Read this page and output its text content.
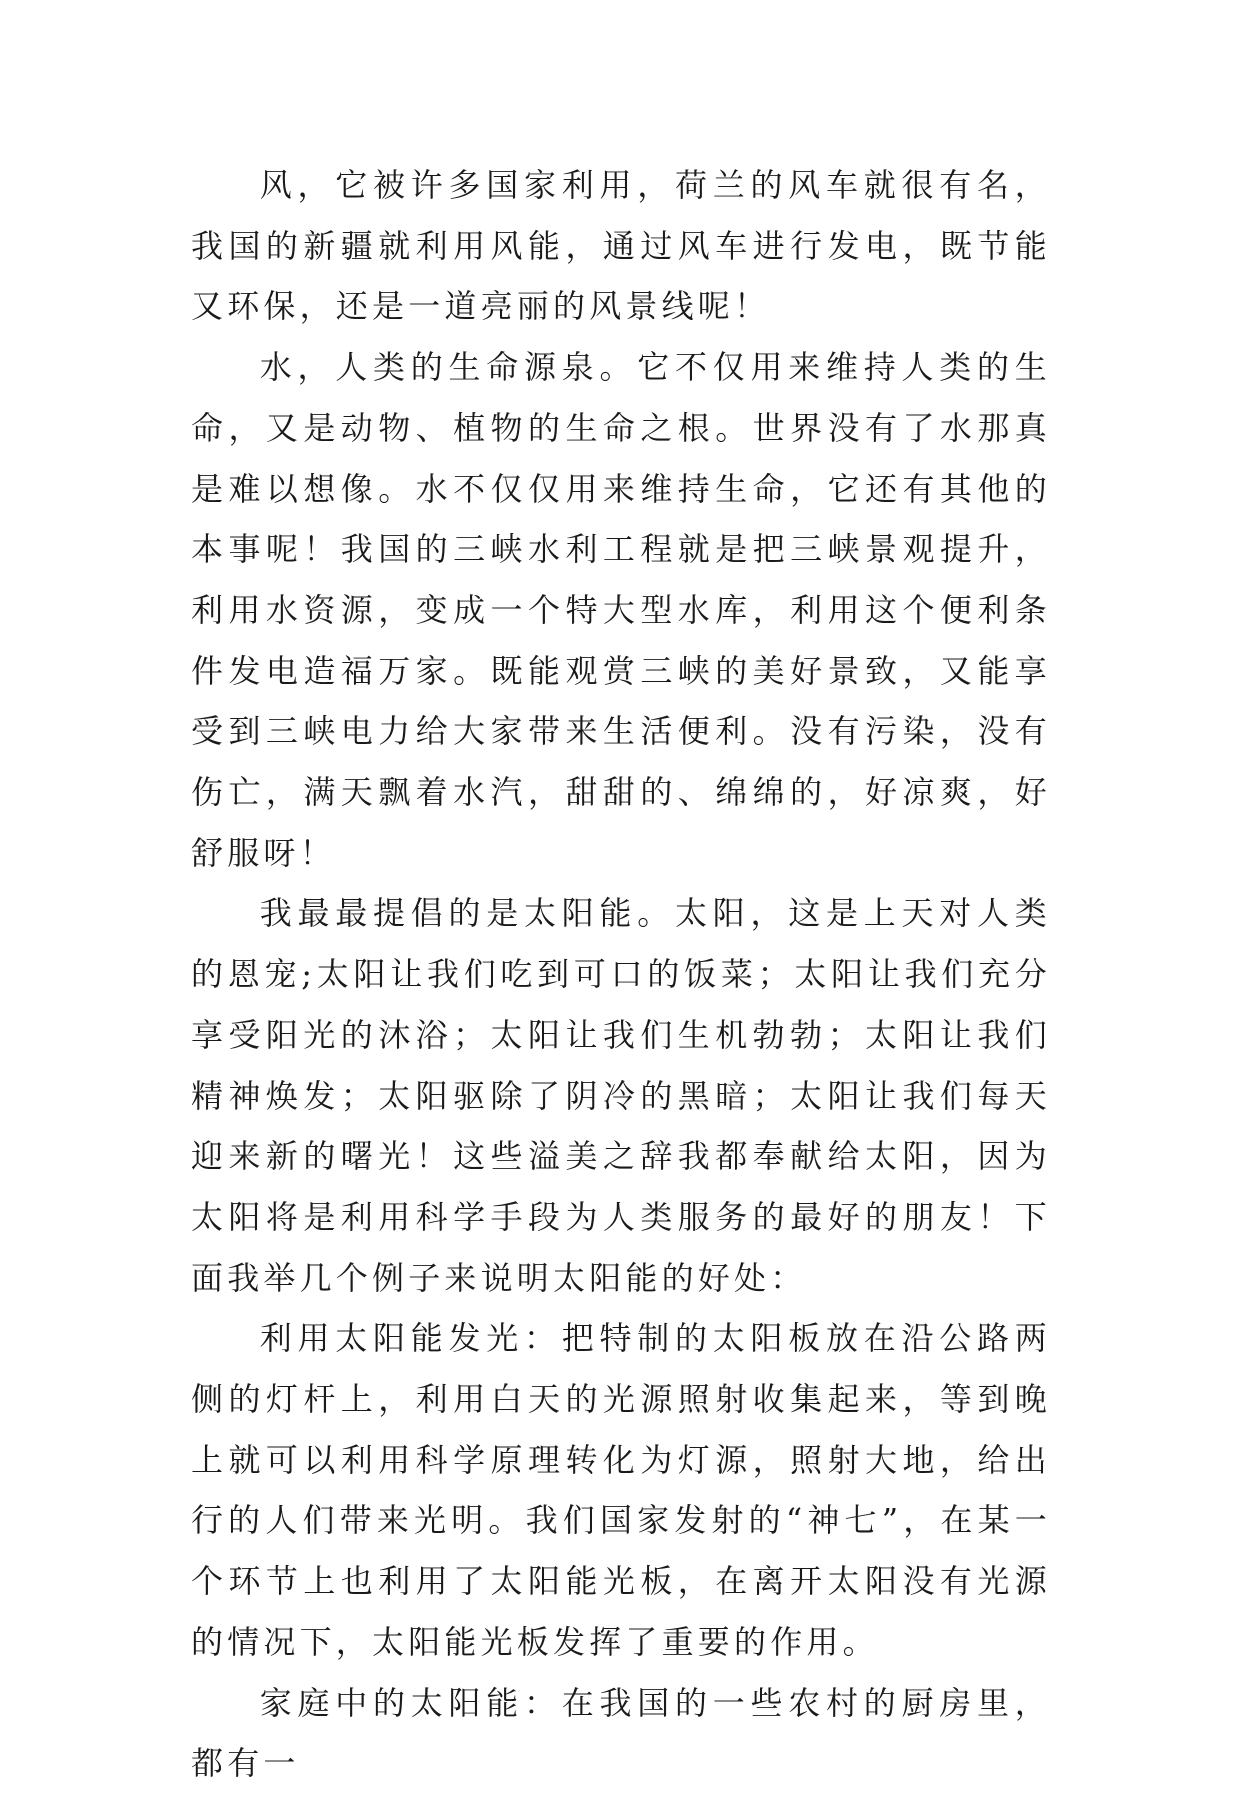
风，它被许多国家利用，荷兰的风车就很有名，我国的新疆就利用风能，通过风车进行发电，既节能又环保，还是一道亮丽的风景线呢！

水，人类的生命源泉。它不仅用来维持人类的生命，又是动物、植物的生命之根。世界没有了水那真是难以想像。水不仅仅用来维持生命，它还有其他的本事呢！我国的三峡水利工程就是把三峡景观提升，利用水资源，变成一个特大型水库，利用这个便利条件发电造福万家。既能观赏三峡的美好景致，又能享受到三峡电力给大家带来生活便利。没有污染，没有伤亡，满天飘着水汽，甜甜的、绵绵的，好凉爽，好舒服呀！

我最最提倡的是太阳能。太阳，这是上天对人类的恩宠;太阳让我们吃到可口的饭菜；太阳让我们充分享受阳光的沐浴；太阳让我们生机勃勃；太阳让我们精神焕发；太阳驱除了阴冷的黑暗；太阳让我们每天迎来新的曙光！这些溢美之辞我都奉献给太阳，因为太阳将是利用科学手段为人类服务的最好的朋友！下面我举几个例子来说明太阳能的好处：

利用太阳能发光：把特制的太阳板放在沿公路两侧的灯杆上，利用白天的光源照射收集起来，等到晚上就可以利用科学原理转化为灯源，照射大地，给出行的人们带来光明。我们国家发射的“神七”，在某一个环节上也利用了太阳能光板，在离开太阳没有光源的情况下，太阳能光板发挥了重要的作用。

家庭中的太阳能：在我国的一些农村的厨房里，都有一
